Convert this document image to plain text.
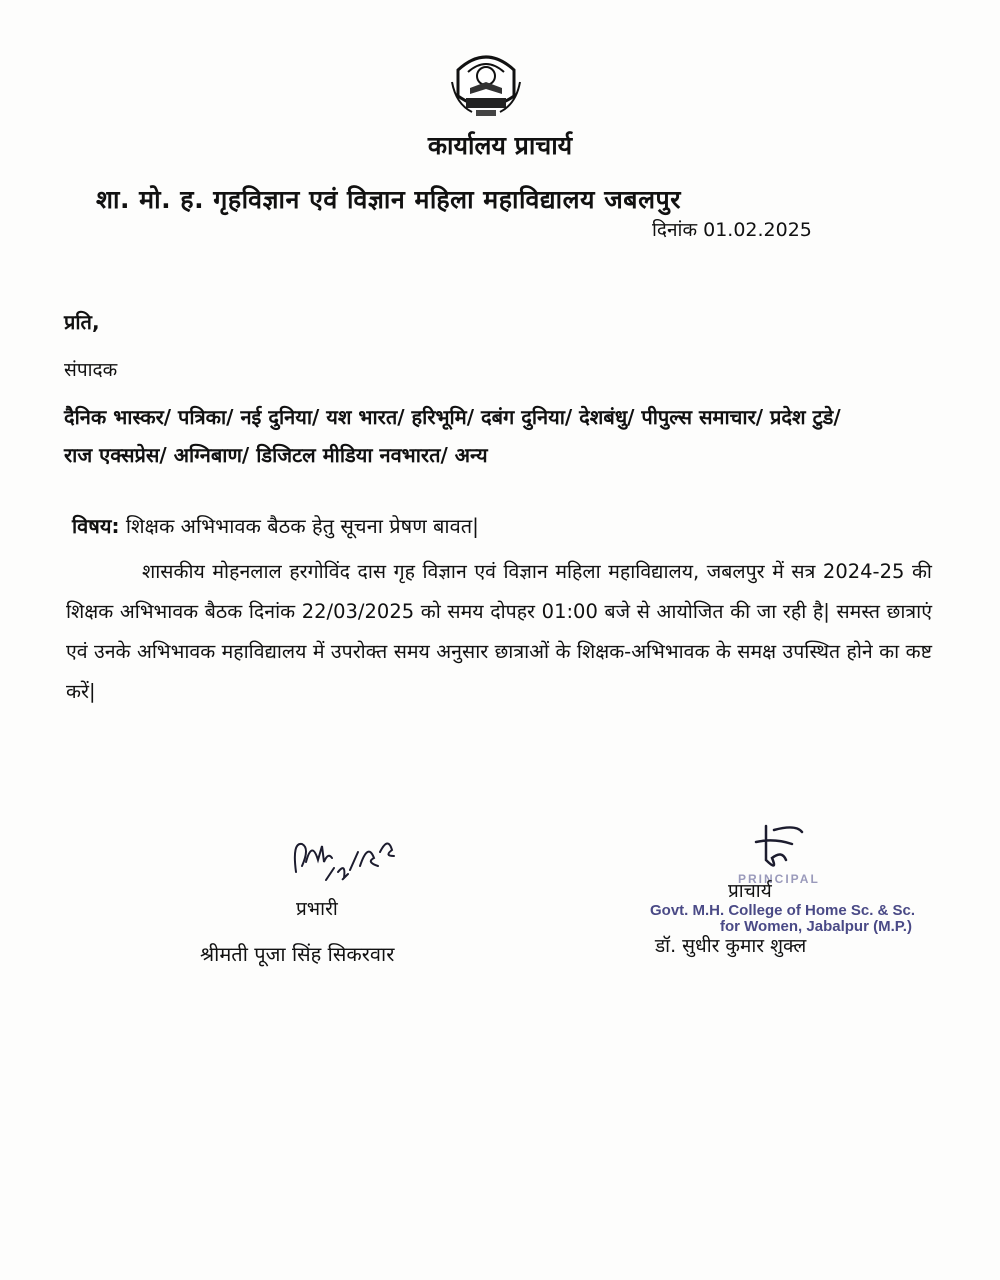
कार्यालय प्राचार्य
शा. मो. ह. गृहविज्ञान एवं विज्ञान महिला महाविद्यालय जबलपुर
दिनांक 01.02.2025
प्रति,
संपादक
दैनिक भास्कर/ पत्रिका/ नई दुनिया/ यश भारत/ हरिभूमि/ दबंग दुनिया/ देशबंधु/ पीपुल्स समाचार/ प्रदेश टुडे/ राज एक्सप्रेस/ अग्निबाण/ डिजिटल मीडिया नवभारत/ अन्य
विषय: शिक्षक अभिभावक बैठक हेतु सूचना प्रेषण बावत|
शासकीय मोहनलाल हरगोविंद दास गृह विज्ञान एवं विज्ञान महिला महाविद्यालय, जबलपुर में सत्र 2024-25 की शिक्षक अभिभावक बैठक दिनांक 22/03/2025 को समय दोपहर 01:00 बजे से आयोजित की जा रही है| समस्त छात्राएं एवं उनके अभिभावक महाविद्यालय में उपरोक्त समय अनुसार छात्राओं के शिक्षक-अभिभावक के समक्ष उपस्थित होने का कष्ट करें|
प्रभारी
श्रीमती पूजा सिंह सिकरवार
PRINCIPAL
Govt. M.H. College of Home Sc. & Sc.
for Women, Jabalpur (M.P.)
प्राचार्य
डॉ. सुधीर कुमार शुक्ल
